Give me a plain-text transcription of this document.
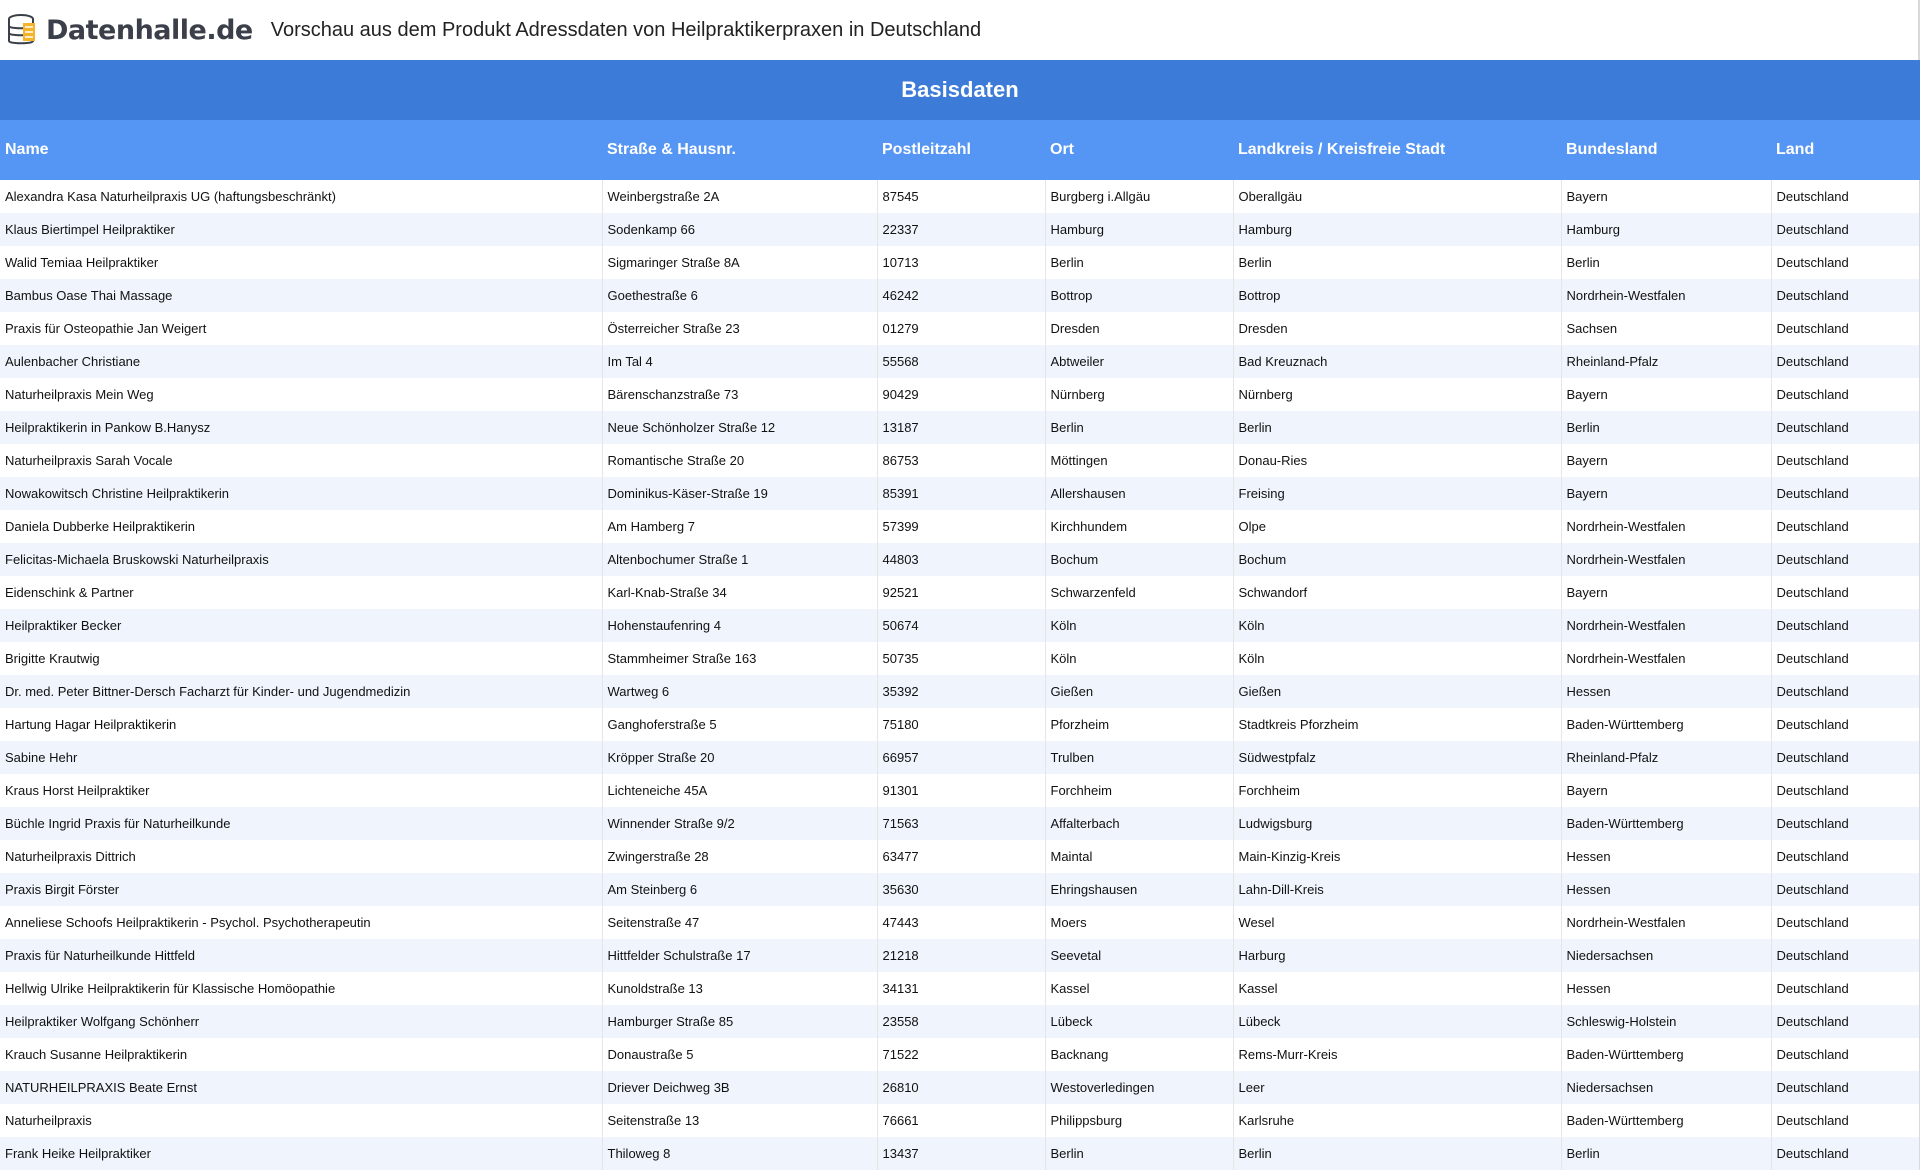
Datenhalle.de Vorschau aus dem Produkt Adressdaten von Heilpraktikerpraxen in Deutschland
Basisdaten
Name	Straße & Hausnr.	Postleitzahl	Ort	Landkreis / Kreisfreie Stadt	Bundesland	Land
Alexandra Kasa Naturheilpraxis UG (haftungsbeschränkt)	Weinbergstraße 2A	87545	Burgberg i.Allgäu	Oberallgäu	Bayern	Deutschland
Klaus Biertimpel Heilpraktiker	Sodenkamp 66	22337	Hamburg	Hamburg	Hamburg	Deutschland
Walid Temiaa Heilpraktiker	Sigmaringer Straße 8A	10713	Berlin	Berlin	Berlin	Deutschland
Bambus Oase Thai Massage	Goethestraße 6	46242	Bottrop	Bottrop	Nordrhein-Westfalen	Deutschland
Praxis für Osteopathie Jan Weigert	Österreicher Straße 23	01279	Dresden	Dresden	Sachsen	Deutschland
Aulenbacher Christiane	Im Tal 4	55568	Abtweiler	Bad Kreuznach	Rheinland-Pfalz	Deutschland
Naturheilpraxis Mein Weg	Bärenschanzstraße 73	90429	Nürnberg	Nürnberg	Bayern	Deutschland
Heilpraktikerin in Pankow B.Hanysz	Neue Schönholzer Straße 12	13187	Berlin	Berlin	Berlin	Deutschland
Naturheilpraxis Sarah Vocale	Romantische Straße 20	86753	Möttingen	Donau-Ries	Bayern	Deutschland
Nowakowitsch Christine Heilpraktikerin	Dominikus-Käser-Straße 19	85391	Allershausen	Freising	Bayern	Deutschland
Daniela Dubberke Heilpraktikerin	Am Hamberg 7	57399	Kirchhundem	Olpe	Nordrhein-Westfalen	Deutschland
Felicitas-Michaela Bruskowski Naturheilpraxis	Altenbochumer Straße 1	44803	Bochum	Bochum	Nordrhein-Westfalen	Deutschland
Eidenschink & Partner	Karl-Knab-Straße 34	92521	Schwarzenfeld	Schwandorf	Bayern	Deutschland
Heilpraktiker Becker	Hohenstaufenring 4	50674	Köln	Köln	Nordrhein-Westfalen	Deutschland
Brigitte Krautwig	Stammheimer Straße 163	50735	Köln	Köln	Nordrhein-Westfalen	Deutschland
Dr. med. Peter Bittner-Dersch Facharzt für Kinder- und Jugendmedizin	Wartweg 6	35392	Gießen	Gießen	Hessen	Deutschland
Hartung Hagar Heilpraktikerin	Ganghoferstraße 5	75180	Pforzheim	Stadtkreis Pforzheim	Baden-Württemberg	Deutschland
Sabine Hehr	Kröpper Straße 20	66957	Trulben	Südwestpfalz	Rheinland-Pfalz	Deutschland
Kraus Horst Heilpraktiker	Lichteneiche 45A	91301	Forchheim	Forchheim	Bayern	Deutschland
Büchle Ingrid Praxis für Naturheilkunde	Winnender Straße 9/2	71563	Affalterbach	Ludwigsburg	Baden-Württemberg	Deutschland
Naturheilpraxis Dittrich	Zwingerstraße 28	63477	Maintal	Main-Kinzig-Kreis	Hessen	Deutschland
Praxis Birgit Förster	Am Steinberg 6	35630	Ehringshausen	Lahn-Dill-Kreis	Hessen	Deutschland
Anneliese Schoofs Heilpraktikerin - Psychol. Psychotherapeutin	Seitenstraße 47	47443	Moers	Wesel	Nordrhein-Westfalen	Deutschland
Praxis für Naturheilkunde Hittfeld	Hittfelder Schulstraße 17	21218	Seevetal	Harburg	Niedersachsen	Deutschland
Hellwig Ulrike Heilpraktikerin für Klassische Homöopathie	Kunoldstraße 13	34131	Kassel	Kassel	Hessen	Deutschland
Heilpraktiker Wolfgang Schönherr	Hamburger Straße 85	23558	Lübeck	Lübeck	Schleswig-Holstein	Deutschland
Krauch Susanne Heilpraktikerin	Donaustraße 5	71522	Backnang	Rems-Murr-Kreis	Baden-Württemberg	Deutschland
NATURHEILPRAXIS Beate Ernst	Driever Deichweg 3B	26810	Westoverledingen	Leer	Niedersachsen	Deutschland
Naturheilpraxis	Seitenstraße 13	76661	Philippsburg	Karlsruhe	Baden-Württemberg	Deutschland
Frank Heike Heilpraktiker	Thiloweg 8	13437	Berlin	Berlin	Berlin	Deutschland
